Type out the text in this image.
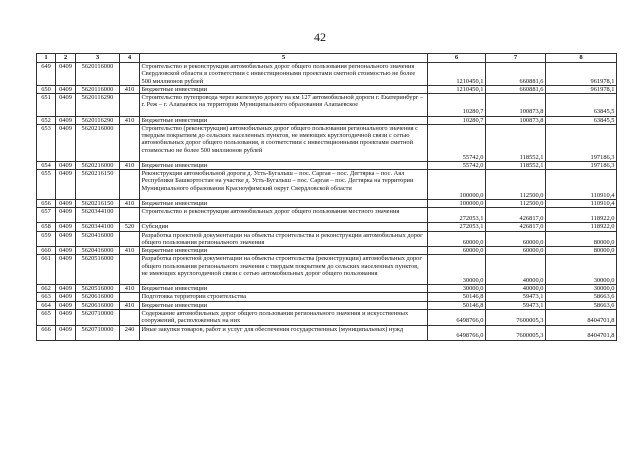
42
1	2	3	4	5	6	7	8
649	0409	5620116000		Строительство и реконструкция автомобильных дорог общего пользования регионального значения Свердловской области в соответствии с инвестиционными проектами сметной стоимостью не более 500 миллионов рублей	1210450,1	660881,6	961978,1
650	0409	5620116000	410	Бюджетные инвестиции	1210450,1	660881,6	961978,1
651	0409	5620116290		Строительство путепровода через железную дорогу на км 127 автомобильной дороги г. Екатеринбург – г. Реж – г. Алапаевск на территории Муниципального образования Алапаевское	10280,7	100873,8	63845,5
652	0409	5620116290	410	Бюджетные инвестиции	10280,7	100873,8	63845,5
653	0409	5620216000		Строительство (реконструкция) автомобильных дорог общего пользования регионального значения с твердым покрытием до сельских населенных пунктов, не имеющих круглогодичной связи с сетью автомобильных дорог общего пользования, в соответствии с инвестиционными проектами сметной стоимостью не более 500 миллионов рублей	55742,0	118552,1	197186,3
654	0409	5620216000	410	Бюджетные инвестиции	55742,0	118552,1	197186,3
655	0409	5620216150		Реконструкция автомобильной дороги д. Усть-Бугалыш – пос. Саргая – пос. Дегтярка – пос. Аял Республики Башкортостан на участке д. Усть-Бугалыш – пос. Саргая – пос. Дегтярка на территории Муниципального образования Красноуфимский округ Свердловской области	100000,0	112500,0	110910,4
656	0409	5620216150	410	Бюджетные инвестиции	100000,0	112500,0	110910,4
657	0409	5620344100		Строительство и реконструкция автомобильных дорог общего пользования местного значения	272053,1	426817,0	118922,0
658	0409	5620344100	520	Субсидии	272053,1	426817,0	118922,0
659	0409	5620416000		Разработка проектной документации на объекты строительства и реконструкции автомобильных дорог общего пользования регионального значения	60000,0	60000,0	80000,0
660	0409	5620416000	410	Бюджетные инвестиции	60000,0	60000,0	80000,0
661	0409	5620516000		Разработка проектной документации на объекты строительства (реконструкции) автомобильных дорог общего пользования регионального значения с твердым покрытием до сельских населенных пунктов, не имеющих круглогодичной связи с сетью автомобильных дорог общего пользования	30000,0	40000,0	30000,0
662	0409	5620516000	410	Бюджетные инвестиции	30000,0	40000,0	30000,0
663	0409	5620616000		Подготовка территории строительства	50146,8	59473,1	58663,6
664	0409	5620616000	410	Бюджетные инвестиции	50146,8	59473,1	58663,6
665	0409	5620710000		Содержание автомобильных дорог общего пользования регионального значения и искусственных сооружений, расположенных на них	6498766,0	7600005,3	8404701,8
666	0409	5620710000	240	Иные закупки товаров, работ и услуг для обеспечения государственных (муниципальных) нужд	6498766,0	7600005,3	8404701,8
